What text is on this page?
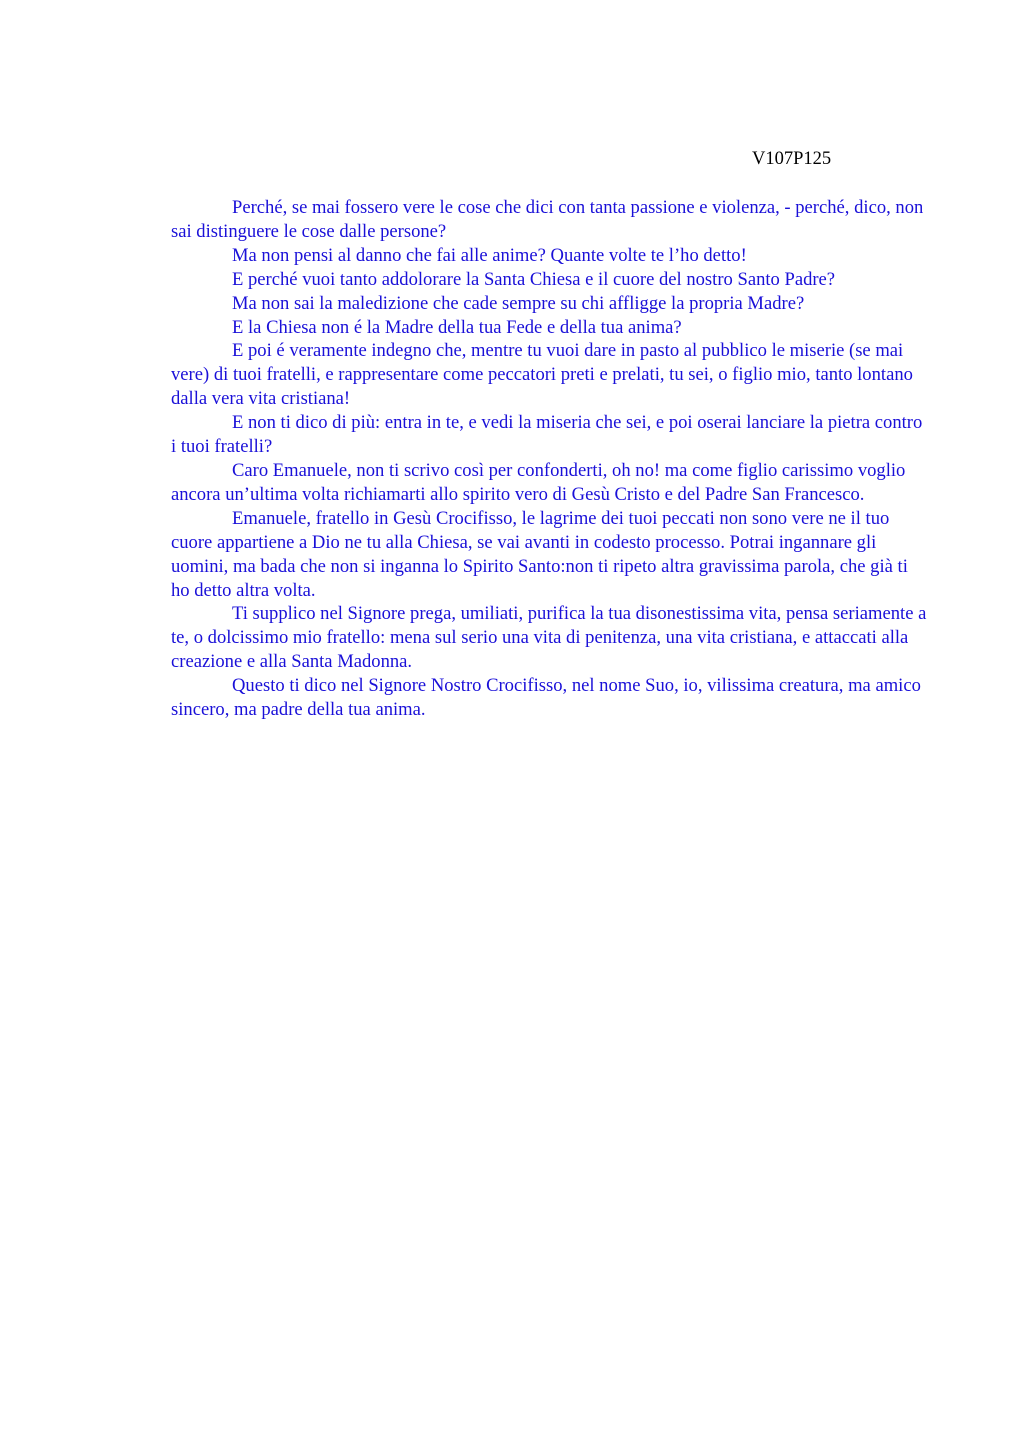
V107P125

Perché, se mai fossero vere le cose che dici con tanta passione e violenza, - perché, dico, non sai distinguere le cose dalle persone?

Ma non pensi al danno che fai alle anime? Quante volte te l’ho detto!

E perché vuoi tanto addolorare la Santa Chiesa e il cuore del nostro Santo Padre?

Ma non sai la maledizione che cade sempre su chi affligge la propria Madre?

E la Chiesa non é la Madre della tua Fede e della tua anima?

E poi é veramente indegno che, mentre tu vuoi dare in pasto al pubblico le miserie (se mai vere) di tuoi fratelli, e rappresentare come peccatori preti e prelati, tu sei, o figlio mio, tanto lontano dalla vera vita cristiana!

E non ti dico di più: entra in te, e vedi la miseria che sei, e poi oserai lanciare la pietra contro i tuoi fratelli?

Caro Emanuele, non ti scrivo così per confonderti, oh no! ma come figlio carissimo voglio ancora un’ultima volta richiamarti allo spirito vero di Gesù Cristo e del Padre San Francesco.

Emanuele, fratello in Gesù Crocifisso, le lagrime dei tuoi peccati non sono vere ne il tuo cuore appartiene a Dio ne tu alla Chiesa, se vai avanti in codesto processo. Potrai ingannare gli uomini, ma bada che non si inganna lo Spirito Santo:non ti ripeto altra gravissima parola, che già ti ho detto altra volta.

Ti supplico nel Signore prega, umiliati, purifica la tua disonestissima vita, pensa seriamente a te, o dolcissimo mio fratello: mena sul serio una vita di penitenza, una vita cristiana, e attaccati alla creazione e alla Santa Madonna.

Questo ti dico nel Signore Nostro Crocifisso, nel nome Suo, io, vilissima creatura, ma amico sincero, ma padre della tua anima.
